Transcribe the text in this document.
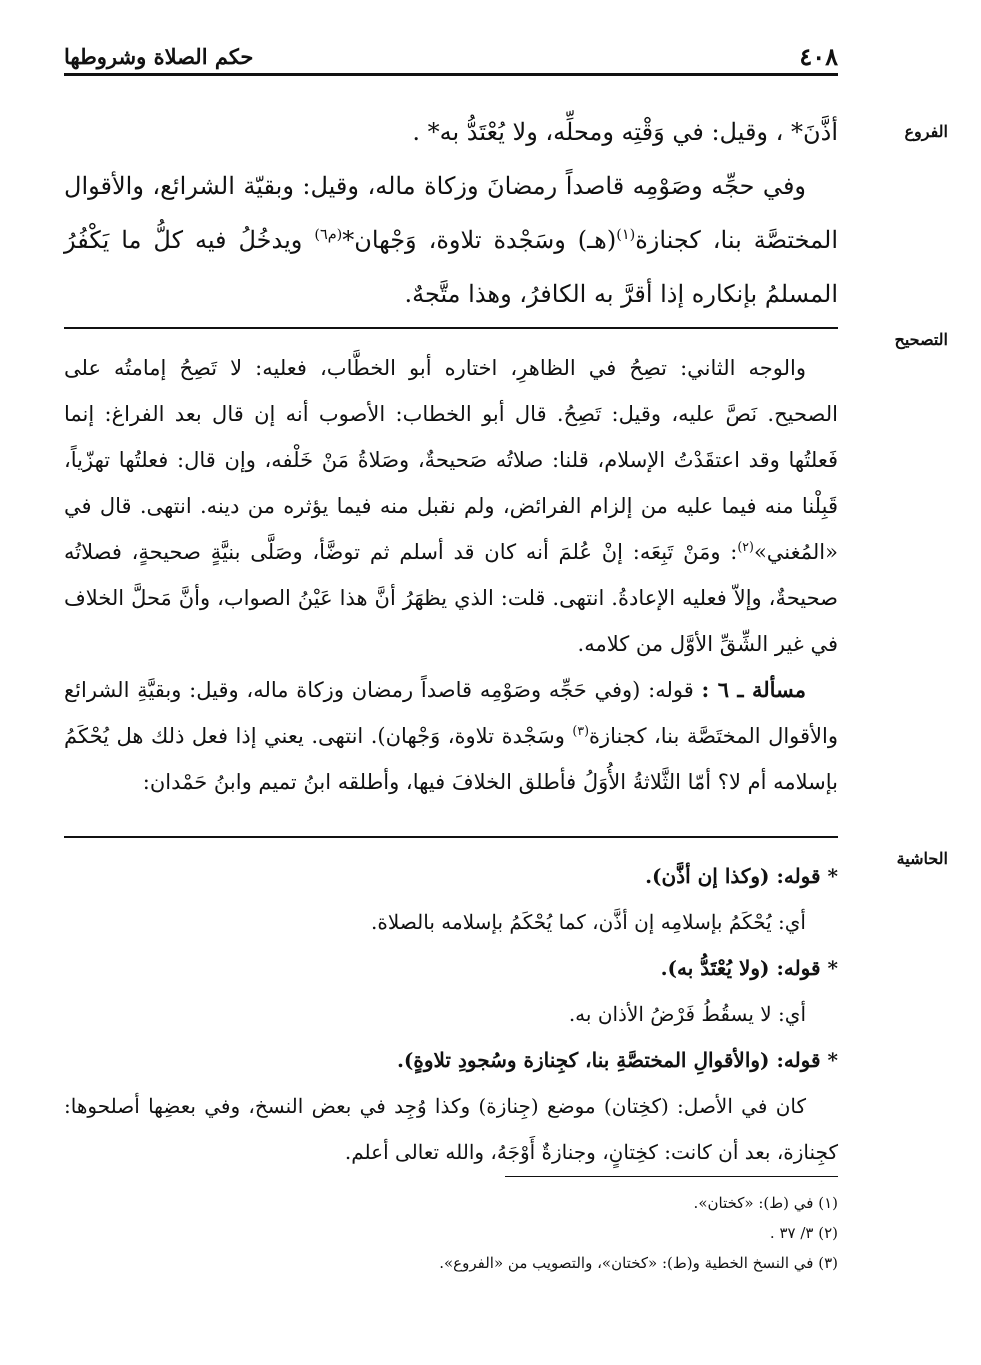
٤٠٨
حكم الصلاة وشروطها
الفروع

أذَّنَ* ، وقيل: في وَقْتِه ومحلِّه، ولا يُعْتَدُّ به* .

وفي حجِّه وصَوْمِه قاصداً رمضانَ وزكاة ماله، وقيل: وبقيّة الشرائع، والأقوال المختصَّة بنا، كجنازة$^{(١)}$(هـ) وسَجْدة تلاوة، وَجْهان*$^{(م٦)}$ ويدخُلُ فيه كلُّ ما يَكْفُرُ المسلمُ بإنكاره إذا أقرَّ به الكافرُ، وهذا متَّجهٌ.

التصحيح

والوجه الثاني: تصِحُ في الظاهرِ، اختاره أبو الخطَّاب، فعليه: لا تَصِحُ إمامتُه على الصحيح. نَصَّ عليه، وقيل: تَصِحُ. قال أبو الخطاب: الأصوب أنه إن قال بعد الفراغ: إنما فَعلتُها وقد اعتقَدْتُ الإسلام، قلنا: صلاتُه صَحيحةٌ، وصَلاةُ مَنْ خَلْفه، وإن قال: فعلتُها تهزّياً، قَبِلْنا منه فيما عليه من إلزام الفرائض، ولم نقبل منه فيما يؤثره من دينه. انتهى. قال في «المُغني»$^{(٢)}$: ومَنْ تَبِعَه: إنْ عُلمَ أنه كان قد أسلم ثم توضَّأ، وصَلَّى بنيَّةٍ صحيحةٍ، فصلاتُه صحيحةٌ، وإلاّ فعليه الإعادةُ. انتهى. قلت: الذي يظهَرُ أنَّ هذا عَيْنُ الصواب، وأنَّ مَحلَّ الخلاف في غير الشِّقِّ الأوَّل من كلامه.

مسألة ـ ٦ : قوله: (وفي حَجِّه وصَوْمِه قاصداً رمضان وزكاة ماله، وقيل: وبقيَّةِ الشرائع والأقوال المختَصَّة بنا، كجنازة$^{(٣)}$ وسَجْدة تلاوة، وَجْهان). انتهى. يعني إذا فعل ذلك هل يُحْكَمُ بإسلامه أم لا؟ أمّا الثَّلاثةُ الأُوَلُ فأطلق الخلافَ فيها، وأطلقه ابنُ تميم وابنُ حَمْدان:

الحاشية

* قوله: (وكذا إن أذَّن).

أي: يُحْكَمُ بإسلامِه إن أذَّن، كما يُحْكَمُ بإسلامه بالصلاة.

* قوله: (ولا يُعْتَدُّ به).

أي: لا يسقُطُ فَرْضُ الأذان به.

* قوله: (والأقوالِ المختصَّةِ بنا، كجِنازة وسُجودِ تلاوةٍ).

كان في الأصل: (كخِتان) موضع (جِنازة) وكذا وُجِد في بعض النسخ، وفي بعضِها أصلحوها: كجِنازة، بعد أن كانت: كخِتانٍ، وجنازةٌ أَوْجَهُ، والله تعالى أعلم.

(١) في (ط): «كختان».

(٢) ٣/ ٣٧ .

(٣) في النسخ الخطية و(ط): «كختان»، والتصويب من «الفروع».
